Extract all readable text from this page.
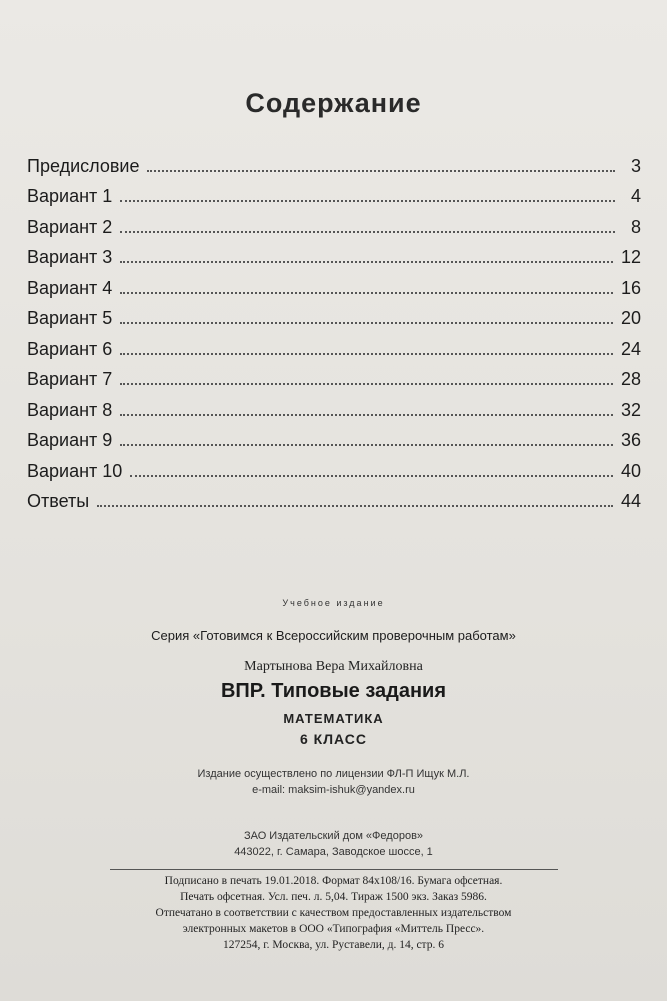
Содержание
Предисловие	3
Вариант 1	4
Вариант 2	8
Вариант 3	12
Вариант 4	16
Вариант 5	20
Вариант 6	24
Вариант 7	28
Вариант 8	32
Вариант 9	36
Вариант 10	40
Ответы	44
Учебное издание
Серия «Готовимся к Всероссийским проверочным работам»
Мартынова Вера Михайловна
ВПР. Типовые задания
МАТЕМАТИКА
6 КЛАСС
Издание осуществлено по лицензии ФЛ-П Ищук М.Л.
e-mail: maksim-ishuk@yandex.ru
ЗАО Издательский дом «Федоров»
443022, г. Самара, Заводское шоссе, 1
Подписано в печать 19.01.2018. Формат 84x108/16. Бумага офсетная.
Печать офсетная. Усл. печ. л. 5,04. Тираж 1500 экз. Заказ 5986.
Отпечатано в соответствии с качеством предоставленных издательством
электронных макетов в ООО «Типография «Миттель Пресс».
127254, г. Москва, ул. Руставели, д. 14, стр. 6
